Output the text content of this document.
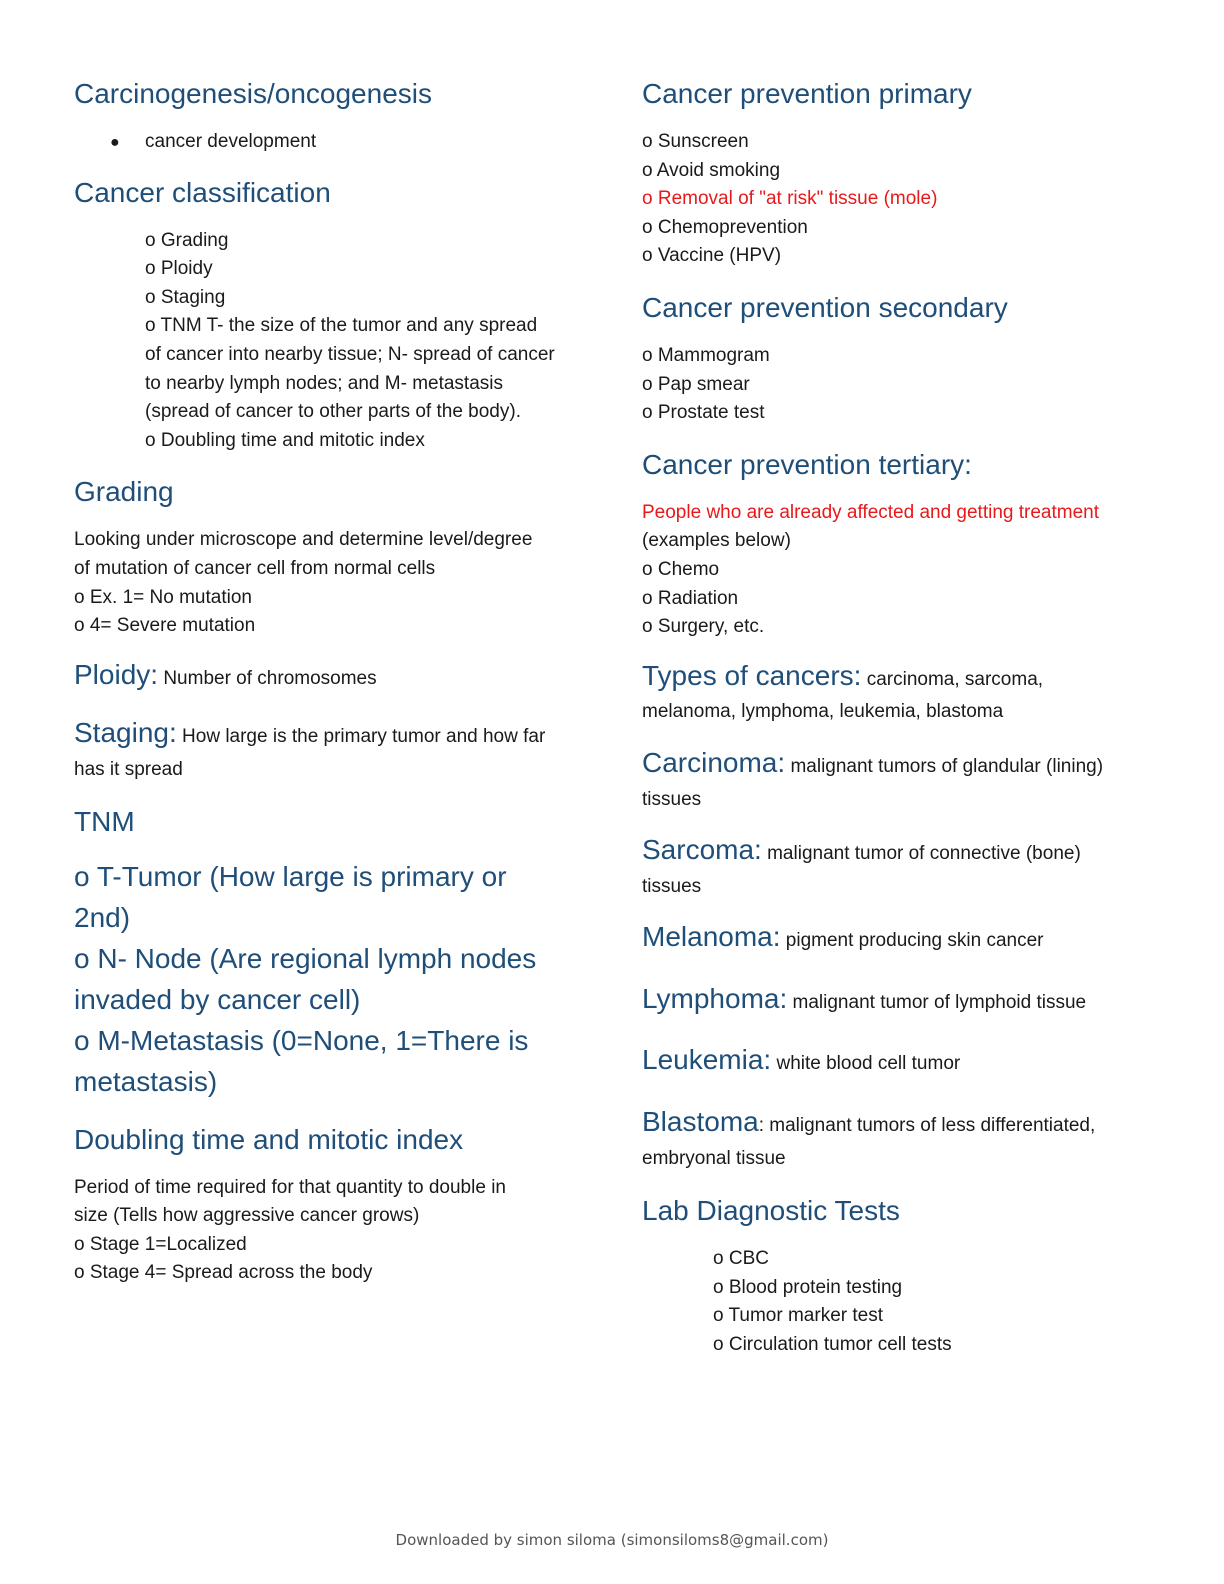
Carcinogenesis/oncogenesis
●	cancer development
Cancer classification
o Grading
o Ploidy
o Staging
o TNM T- the size of the tumor and any spread
of cancer into nearby tissue; N- spread of cancer
to nearby lymph nodes; and M- metastasis
(spread of cancer to other parts of the body).
o Doubling time and mitotic index
Grading
Looking under microscope and determine level/degree
of mutation of cancer cell from normal cells
o Ex. 1= No mutation
o 4= Severe mutation
Ploidy: Number of chromosomes
Staging: How large is the primary tumor and how far
has it spread
TNM
o T-Tumor (How large is primary or
2nd)
o N- Node (Are regional lymph nodes
invaded by cancer cell)
o M-Metastasis (0=None, 1=There is
metastasis)
Doubling time and mitotic index
Period of time required for that quantity to double in
size (Tells how aggressive cancer grows)
o Stage 1=Localized
o Stage 4= Spread across the body
Cancer prevention primary
o Sunscreen
o Avoid smoking
o Removal of "at risk" tissue (mole)
o Chemoprevention
o Vaccine (HPV)
Cancer prevention secondary
o Mammogram
o Pap smear
o Prostate test
Cancer prevention tertiary:
People who are already affected and getting treatment
(examples below)
o Chemo
o Radiation
o Surgery, etc.
Types of cancers: carcinoma, sarcoma,
melanoma, lymphoma, leukemia, blastoma
Carcinoma: malignant tumors of glandular (lining)
tissues
Sarcoma: malignant tumor of connective (bone)
tissues
Melanoma: pigment producing skin cancer
Lymphoma: malignant tumor of lymphoid tissue
Leukemia: white blood cell tumor
Blastoma: malignant tumors of less differentiated,
embryonal tissue
Lab Diagnostic Tests
o CBC
o Blood protein testing
o Tumor marker test
o Circulation tumor cell tests
Downloaded by simon siloma (simonsiloms8@gmail.com)
